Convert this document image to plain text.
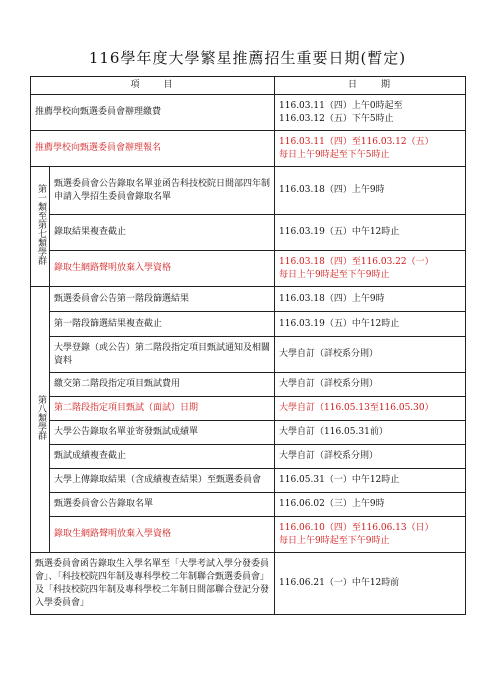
116學年度大學繁星推薦招生重要日期(暫定)
項　　目		日　　期
推薦學校向甄選委員會辦理繳費		116.03.11（四）上午0時起至
116.03.12（五）下午5時止

推薦學校向甄選委員會辦理報名		116.03.11（四）至116.03.12（五）
每日上午9時起至下午5時止

第一類至第七類學群	甄選委員會公告錄取名單並函告科技校院日間部四年制申請入學招生委員會錄取名單	116.03.18（四）上午9時

	錄取結果複查截止	116.03.19（五）中午12時止

	錄取生網路聲明放棄入學資格	116.03.18（四）至116.03.22（一）
每日上午9時起至下午9時止

第八類學群	甄選委員會公告第一階段篩選結果	116.03.18（四）上午9時

	第一階段篩選結果複查截止	116.03.19（五）中午12時止

	大學登錄（或公告）第二階段指定項目甄試通知及相關資料	大學自訂（詳校系分則）

	繳交第二階段指定項目甄試費用	大學自訂（詳校系分則）

	第二階段指定項目甄試（面試）日期	大學自訂（116.05.13至116.05.30）

	大學公告錄取名單並寄發甄試成績單	大學自訂（116.05.31前）

	甄試成績複查截止	大學自訂（詳校系分則）

	大學上傳錄取結果（含成績複查結果）至甄選委員會	116.05.31（一）中午12時止

	甄選委員會公告錄取名單	116.06.02（三）上午9時

	錄取生網路聲明放棄入學資格	116.06.10（四）至116.06.13（日）
每日上午9時起至下午9時止

甄選委員會函告錄取生入學名單至「大學考試入學分發委員會」、「科技校院四年制及專科學校二年制聯合甄選委員會」及「科技校院四年制及專科學校二年制日間部聯合登記分發入學委員會」		116.06.21（一）中午12時前
